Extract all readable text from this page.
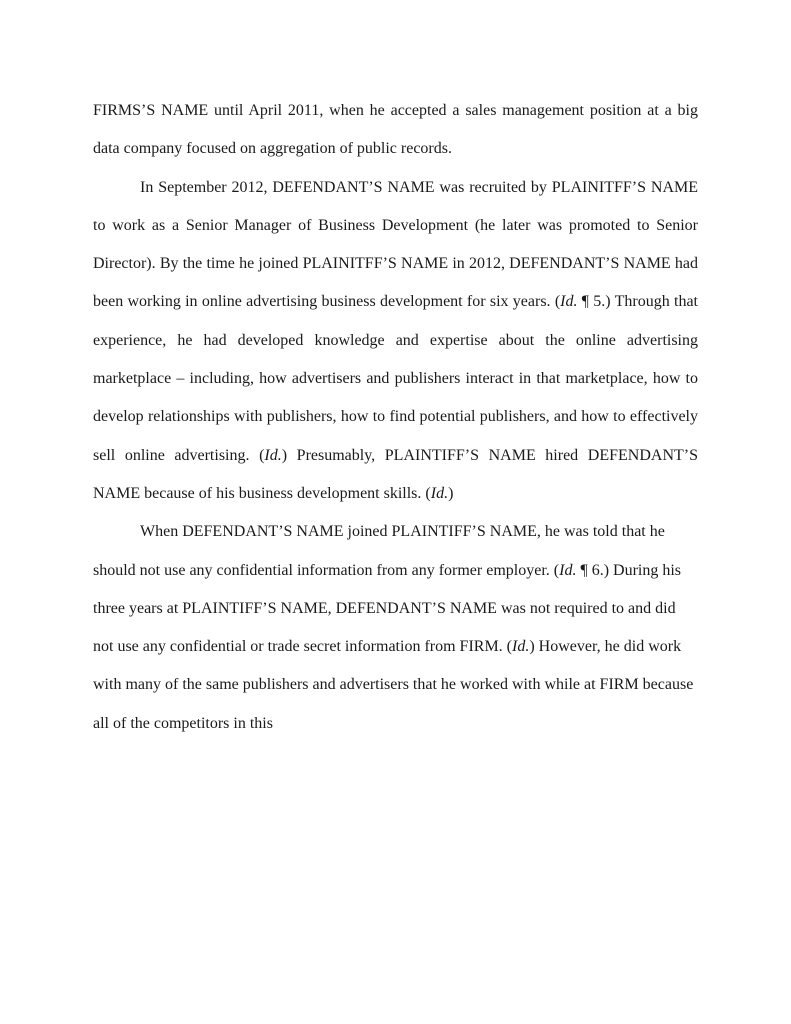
FIRMS’S NAME until April 2011, when he accepted a sales management position at a big data company focused on aggregation of public records.

In September 2012, DEFENDANT’S NAME was recruited by PLAINITFF’S NAME to work as a Senior Manager of Business Development (he later was promoted to Senior Director). By the time he joined PLAINITFF’S NAME in 2012, DEFENDANT’S NAME had been working in online advertising business development for six years. (Id. ¶ 5.) Through that experience, he had developed knowledge and expertise about the online advertising marketplace – including, how advertisers and publishers interact in that marketplace, how to develop relationships with publishers, how to find potential publishers, and how to effectively sell online advertising. (Id.) Presumably, PLAINTIFF’S NAME hired DEFENDANT’S NAME because of his business development skills. (Id.)

When DEFENDANT’S NAME joined PLAINTIFF’S NAME, he was told that he should not use any confidential information from any former employer. (Id. ¶ 6.) During his three years at PLAINTIFF’S NAME, DEFENDANT’S NAME was not required to and did not use any confidential or trade secret information from FIRM. (Id.) However, he did work with many of the same publishers and advertisers that he worked with while at FIRM because all of the competitors in this
